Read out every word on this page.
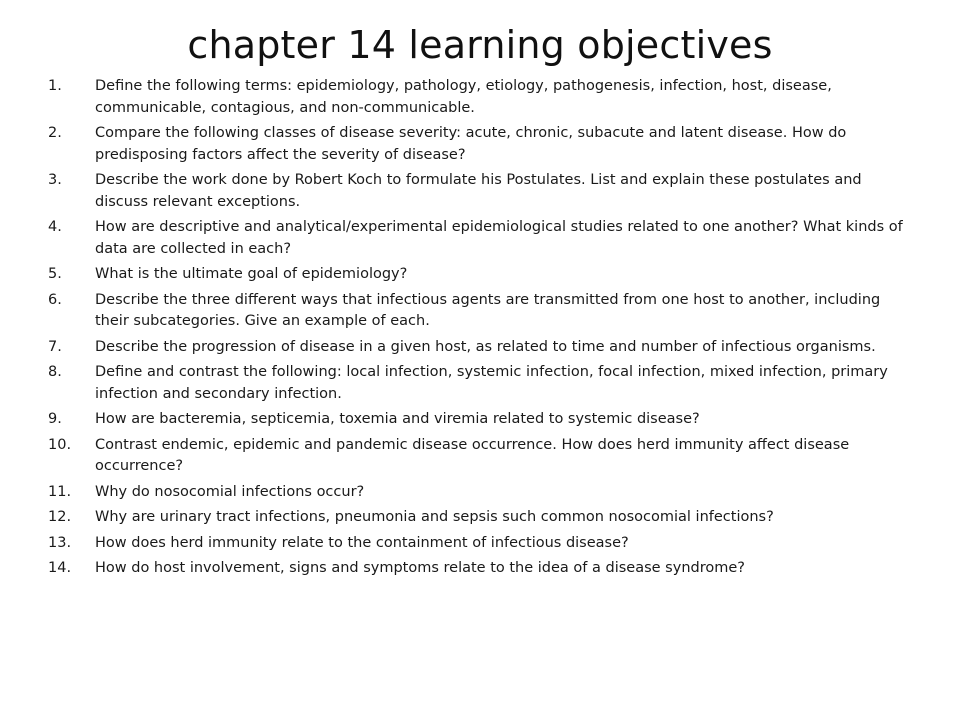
chapter 14 learning objectives
1.	Define the following terms: epidemiology, pathology, etiology, pathogenesis, infection, host, disease, communicable, contagious, and non-communicable.
2.	Compare the following classes of disease severity: acute, chronic, subacute and latent disease. How do predisposing factors affect the severity of disease?
3.	Describe the work done by Robert Koch to formulate his Postulates. List and explain these postulates and discuss relevant exceptions.
4.	How are descriptive and analytical/experimental epidemiological studies related to one another? What kinds of data are collected in each?
5.	What is the ultimate goal of epidemiology?
6.	Describe the three different ways that infectious agents are transmitted from one host to another, including their subcategories. Give an example of each.
7.	Describe the progression of disease in a given host, as related to time and number of infectious organisms.
8.	Define and contrast the following: local infection, systemic infection, focal infection, mixed infection, primary infection and secondary infection.
9.	How are bacteremia, septicemia, toxemia and viremia related to systemic disease?
10.	Contrast endemic, epidemic and pandemic disease occurrence. How does herd immunity affect disease occurrence?
11.	Why do nosocomial infections occur?
12.	Why are urinary tract infections, pneumonia and sepsis such common nosocomial infections?
13.	How does herd immunity relate to the containment of infectious disease?
14.	How do host involvement, signs and symptoms relate to the idea of a disease syndrome?
